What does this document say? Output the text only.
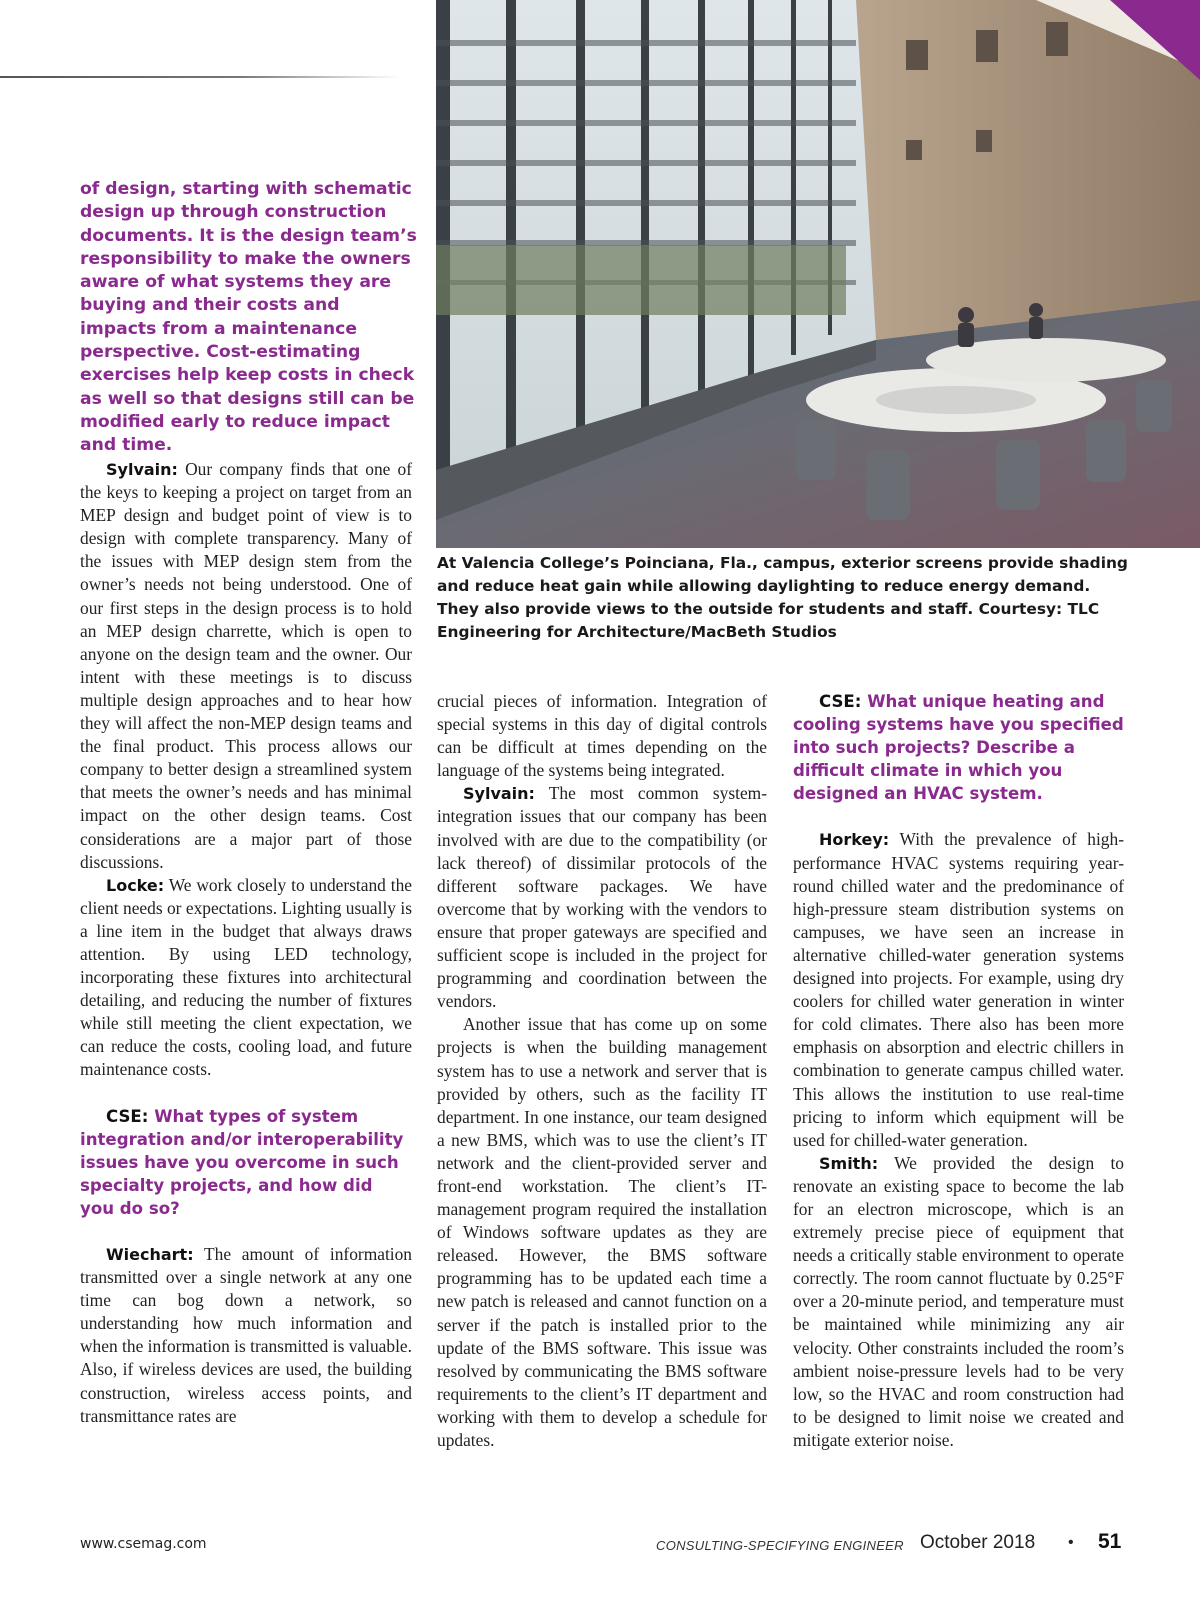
At Valencia College’s Poinciana, Fla., campus, exterior screens provide shading and reduce heat gain while allowing daylighting to reduce energy demand. They also provide views to the outside for students and staff. Courtesy: TLC Engineering for Architecture/MacBeth Studios
of design, starting with schematic design up through construction documents. It is the design team’s responsibility to make the owners aware of what systems they are buying and their costs and impacts from a maintenance perspective. Cost-estimating exercises help keep costs in check as well so that designs still can be modified early to reduce impact and time.

Sylvain: Our company finds that one of the keys to keeping a project on target from an MEP design and budget point of view is to design with complete transparency. Many of the issues with MEP design stem from the owner’s needs not being understood. One of our first steps in the design process is to hold an MEP design charrette, which is open to anyone on the design team and the owner. Our intent with these meetings is to discuss multiple design approaches and to hear how they will affect the non-MEP design teams and the final product. This process allows our company to better design a streamlined system that meets the owner’s needs and has minimal impact on the other design teams. Cost considerations are a major part of those discussions.

Locke: We work closely to understand the client needs or expectations. Lighting usually is a line item in the budget that always draws attention. By using LED technology, incorporating these fixtures into architectural detailing, and reducing the number of fixtures while still meeting the client expectation, we can reduce the costs, cooling load, and future maintenance costs.

CSE: What types of system integration and/or interoperability issues have you overcome in such specialty projects, and how did you do so?

Wiechart: The amount of information transmitted over a single network at any one time can bog down a network, so understanding how much information and when the information is transmitted is valuable. Also, if wireless devices are used, the building construction, wireless access points, and transmittance rates are

crucial pieces of information. Integration of special systems in this day of digital controls can be difficult at times depending on the language of the systems being integrated.

Sylvain: The most common system-integration issues that our company has been involved with are due to the compatibility (or lack thereof) of dissimilar protocols of the different software packages. We have overcome that by working with the vendors to ensure that proper gateways are specified and sufficient scope is included in the project for programming and coordination between the vendors.

Another issue that has come up on some projects is when the building management system has to use a network and server that is provided by others, such as the facility IT department. In one instance, our team designed a new BMS, which was to use the client’s IT network and the client-provided server and front-end workstation. The client’s IT-management program required the installation of Windows software updates as they are released. However, the BMS software programming has to be updated each time a new patch is released and cannot function on a server if the patch is installed prior to the update of the BMS software. This issue was resolved by communicating the BMS software requirements to the client’s IT department and working with them to develop a schedule for updates.

CSE: What unique heating and cooling systems have you specified into such projects? Describe a difficult climate in which you designed an HVAC system.

Horkey: With the prevalence of high-performance HVAC systems requiring year-round chilled water and the predominance of high-pressure steam distribution systems on campuses, we have seen an increase in alternative chilled-water generation systems designed into projects. For example, using dry coolers for chilled water generation in winter for cold climates. There also has been more emphasis on absorption and electric chillers in combination to generate campus chilled water. This allows the institution to use real-time pricing to inform which equipment will be used for chilled-water generation.

Smith: We provided the design to renovate an existing space to become the lab for an electron microscope, which is an extremely precise piece of equipment that needs a critically stable environment to operate correctly. The room cannot fluctuate by 0.25°F over a 20-minute period, and temperature must be maintained while minimizing any air velocity. Other constraints included the room’s ambient noise-pressure levels had to be very low, so the HVAC and room construction had to be designed to limit noise we created and mitigate exterior noise.

www.csemag.com	CONSULTING-SPECIFYING ENGINEER October 2018 • 51
